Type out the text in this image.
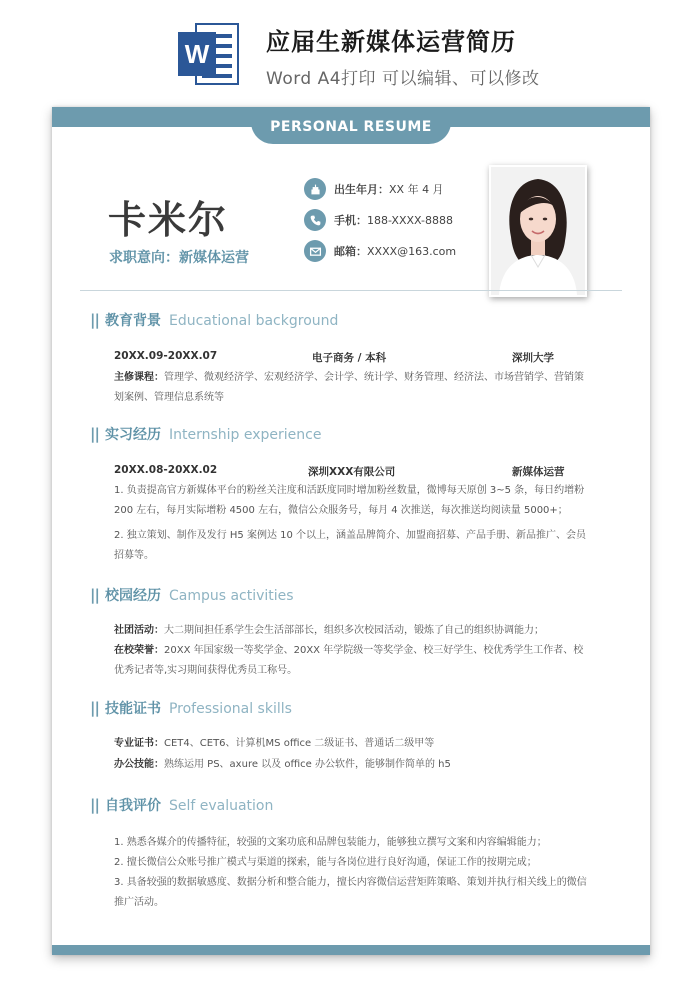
W 应届生新媒体运营简历
Word A4打印 可以编辑、可以修改
PERSONAL RESUME
卡米尔
求职意向：新媒体运营
出生年月： XX 年 4 月
手机： 188-XXXX-8888
邮箱： XXXX@163.com
|| 教育背景 Educational background
20XX.09-20XX.07	电子商务 / 本科	深圳大学
主修课程：管理学、微观经济学、宏观经济学、会计学、统计学、财务管理、经济法、市场营销学、营销策划案例、管理信息系统等
|| 实习经历 Internship experience
20XX.08-20XX.02	深圳XXX有限公司	新媒体运营
1. 负责提高官方新媒体平台的粉丝关注度和活跃度同时增加粉丝数量，微博每天原创 3~5 条，每日约增粉 200 左右，每月实际增粉 4500 左右，微信公众服务号，每月 4 次推送，每次推送均阅读量 5000+；
2. 独立策划、制作及发行 H5 案例达 10 个以上，涵盖品牌简介、加盟商招募、产品手册、新品推广、会员招募等。
|| 校园经历 Campus activities
社团活动：大二期间担任系学生会生活部部长，组织多次校园活动，锻炼了自己的组织协调能力；
在校荣誉：20XX 年国家级一等奖学金、20XX 年学院级一等奖学金、校三好学生、校优秀学生工作者、校优秀记者等,实习期间获得优秀员工称号。
|| 技能证书 Professional skills
专业证书：CET4、CET6、计算机MS office 二级证书、普通话二级甲等
办公技能：熟练运用 PS、axure 以及 office 办公软件，能够制作简单的 h5
|| 自我评价 Self evaluation
1. 熟悉各媒介的传播特征，较强的文案功底和品牌包装能力，能够独立撰写文案和内容编辑能力；
2. 擅长微信公众账号推广模式与渠道的探索，能与各岗位进行良好沟通，保证工作的按期完成；
3. 具备较强的数据敏感度、数据分析和整合能力，擅长内容微信运营矩阵策略、策划并执行相关线上的微信推广活动。
